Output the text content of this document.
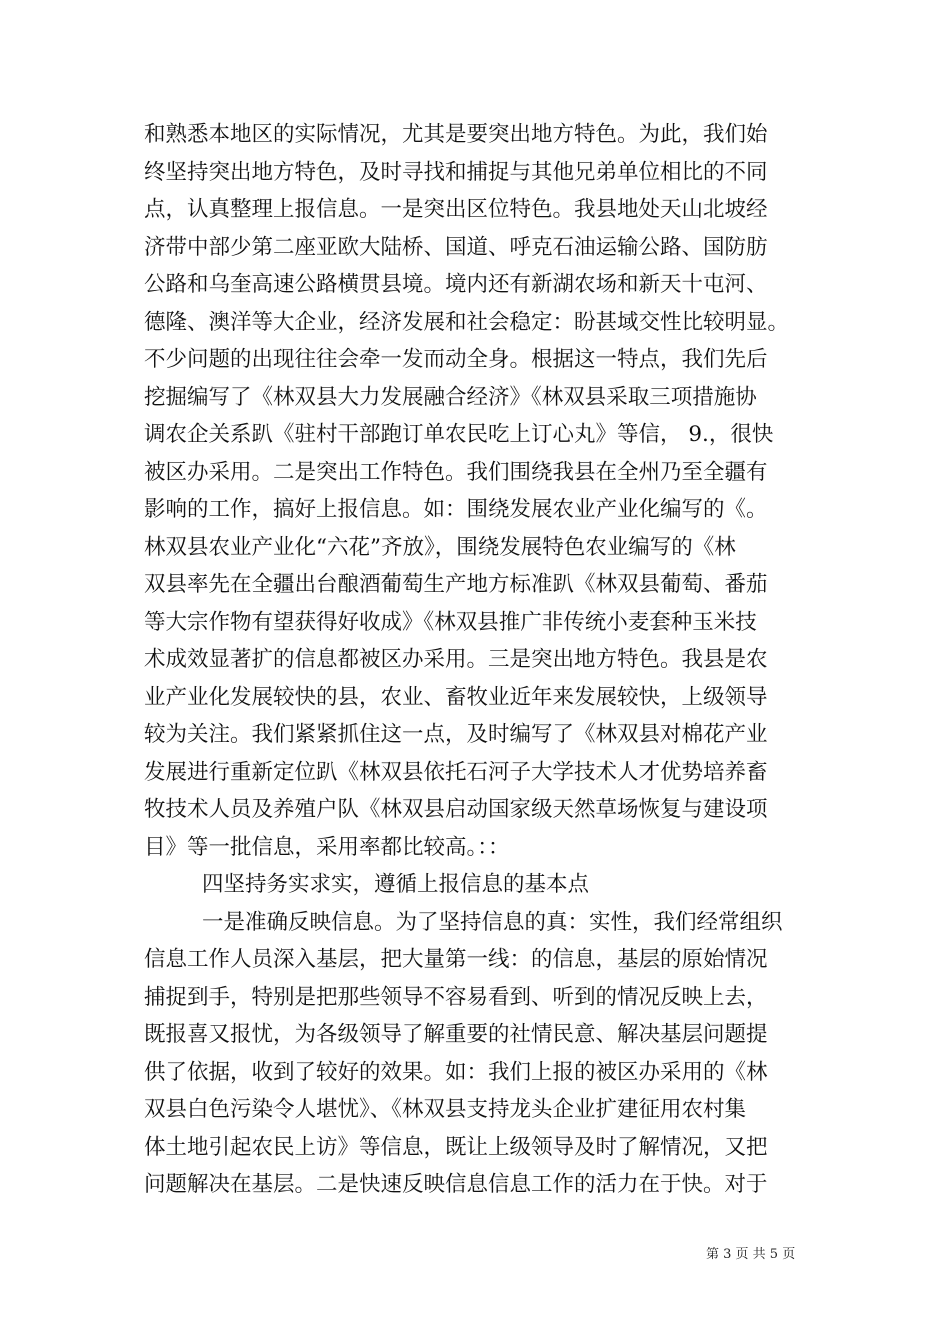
和熟悉本地区的实际情况，尤其是要突出地方特色。为此，我们始
终坚持突出地方特色，及时寻找和捕捉与其他兄弟单位相比的不同
点，认真整理上报信息。一是突出区位特色。我县地处天山北坡经
济带中部少第二座亚欧大陆桥、国道、呼克石油运输公路、国防肪
公路和乌奎高速公路横贯县境。境内还有新湖农场和新天十屯河、
德隆、澳洋等大企业，经济发展和社会稳定：盼甚域交性比较明显。
不少问题的出现往往会牵一发而动全身。根据这一特点，我们先后
挖掘编写了《林双县大力发展融合经济》《林双县采取三项措施协
调农企关系趴《驻村干部跑订单农民吃上订心丸》等信， 9.，很快
被区办采用。二是突出工作特色。我们围绕我县在全州乃至全疆有
影响的工作，搞好上报信息。如：围绕发展农业产业化编写的《。
林双县农业产业化“六花”齐放》，围绕发展特色农业编写的《林
双县率先在全疆出台酿酒葡萄生产地方标准趴《林双县葡萄、番茄
等大宗作物有望获得好收成》《林双县推广非传统小麦套种玉米技
术成效显著扩的信息都被区办采用。三是突出地方特色。我县是农
业产业化发展较快的县，农业、畜牧业近年来发展较快，上级领导
较为关注。我们紧紧抓住这一点，及时编写了《林双县对棉花产业
发展进行重新定位趴《林双县依托石河子大学技术人才优势培养畜
牧技术人员及养殖户队《林双县启动国家级天然草场恢复与建设项
目》等一批信息，采用率都比较高。：：
四坚持务实求实，遵循上报信息的基本点
一是准确反映信息。为了坚持信息的真：实性，我们经常组织
信息工作人员深入基层，把大量第一线：的信息，基层的原始情况
捕捉到手，特别是把那些领导不容易看到、听到的情况反映上去，
既报喜又报忧，为各级领导了解重要的社情民意、解决基层问题提
供了依据，收到了较好的效果。如：我们上报的被区办采用的《林
双县白色污染令人堪忧》、《林双县支持龙头企业扩建征用农村集
体土地引起农民上访》等信息，既让上级领导及时了解情况，又把
问题解决在基层。二是快速反映信息信息工作的活力在于快。对于
第 3 页 共 5 页
